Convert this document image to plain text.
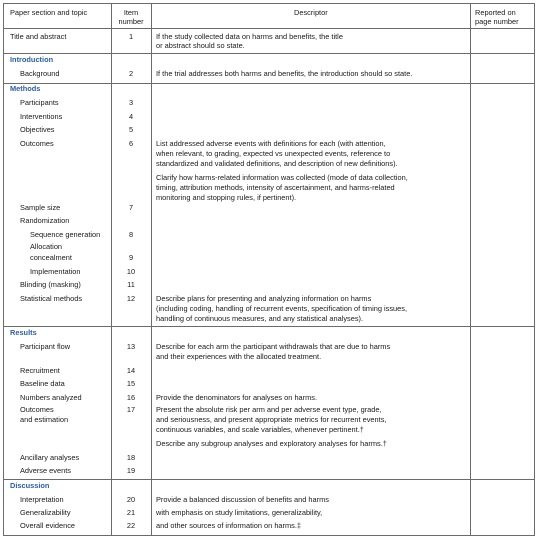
Paper section and topic	Item
number
Descriptor	Reported on
page number
Title and abstract	1	If the study collected data on harms and benefits, the title
or abstract should so state.
Introduction
Background	2	If the trial addresses both harms and benefits, the introduction should so state.
Methods
Participants	3
Interventions	4
Objectives	5
Outcomes	6	List addressed adverse events with definitions for each (with attention,
when relevant, to grading, expected vs unexpected events, reference to
standardized and validated definitions, and description of new definitions).
Clarify how harms-related information was collected (mode of data collection,
timing, attribution methods, intensity of ascertainment, and harms-related
monitoring and stopping rules, if pertinent).
Sample size	7
Randomization
Sequence generation	8
Allocation
concealment	9
Implementation	10
Blinding (masking)	11
Statistical methods	12	Describe plans for presenting and analyzing information on harms
(including coding, handling of recurrent events, specification of timing issues,
handling of continuous measures, and any statistical analyses).
Results
Participant flow	13	Describe for each arm the participant withdrawals that are due to harms
and their experiences with the allocated treatment.
Recruitment	14
Baseline data	15
Numbers analyzed	16	Provide the denominators for analyses on harms.
Outcomes
and estimation
17	Present the absolute risk per arm and per adverse event type, grade,
and seriousness, and present appropriate metrics for recurrent events,
continuous variables, and scale variables, whenever pertinent.†
Describe any subgroup analyses and exploratory analyses for harms.†
Ancillary analyses	18
Adverse events	19
Discussion
Interpretation	20	Provide a balanced discussion of benefits and harms
Generalizability	21	with emphasis on study limitations, generalizability,
Overall evidence	22	and other sources of information on harms.‡
